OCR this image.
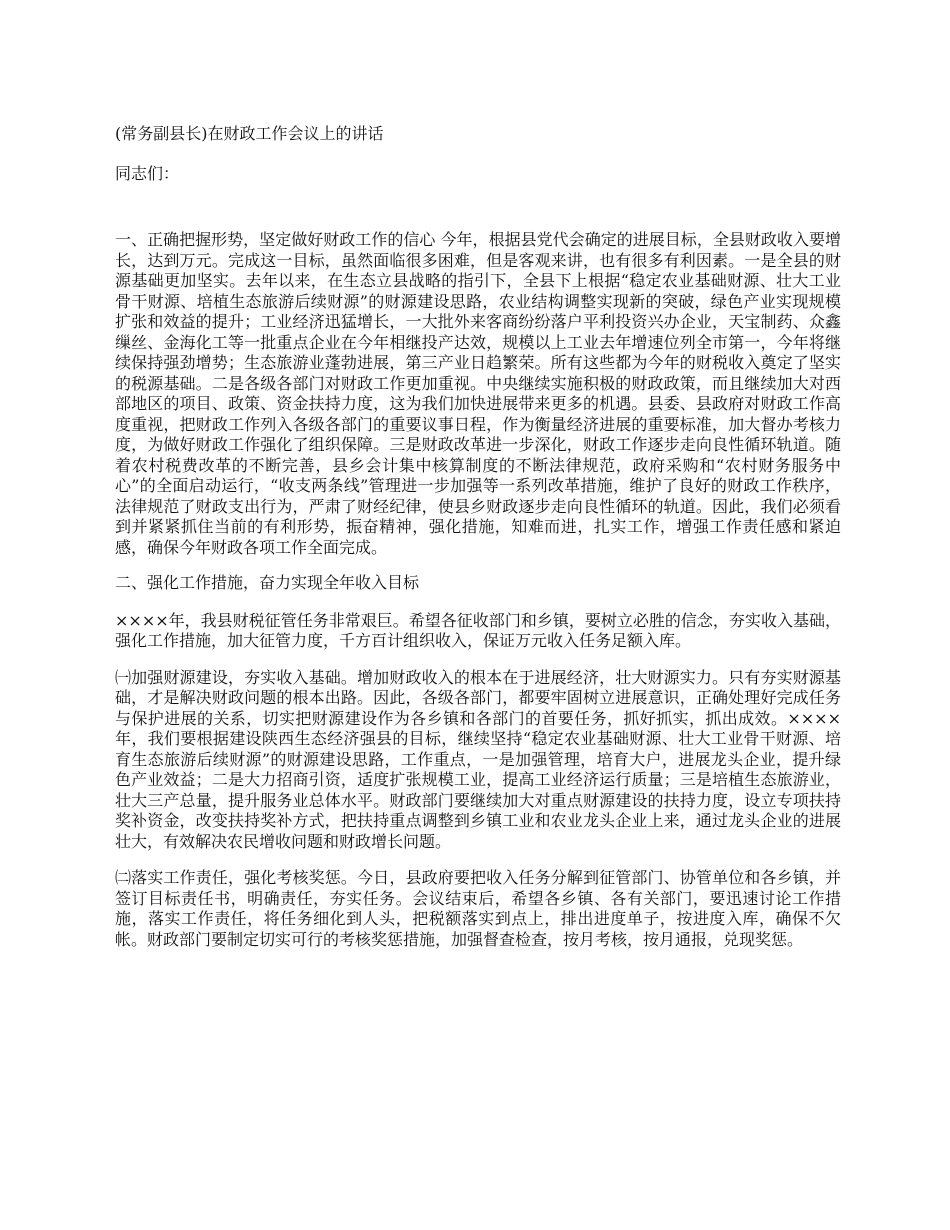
(常务副县长)在财政工作会议上的讲话
同志们：

一、正确把握形势，坚定做好财政工作的信心 今年，根据县党代会确定的进展目标，全县财政收入要增长，达到万元。完成这一目标，虽然面临很多困难，但是客观来讲，也有很多有利因素。一是全县的财源基础更加坚实。去年以来，在生态立县战略的指引下，全县下上根据“稳定农业基础财源、壮大工业骨干财源、培植生态旅游后续财源”的财源建设思路，农业结构调整实现新的突破，绿色产业实现规模扩张和效益的提升；工业经济迅猛增长，一大批外来客商纷纷落户平利投资兴办企业，天宝制药、众鑫缫丝、金海化工等一批重点企业在今年相继投产达效，规模以上工业去年增速位列全市第一，今年将继续保持强劲增势；生态旅游业蓬勃进展，第三产业日趋繁荣。所有这些都为今年的财税收入奠定了坚实的税源基础。二是各级各部门对财政工作更加重视。中央继续实施积极的财政政策，而且继续加大对西部地区的项目、政策、资金扶持力度，这为我们加快进展带来更多的机遇。县委、县政府对财政工作高度重视，把财政工作列入各级各部门的重要议事日程，作为衡量经济进展的重要标准，加大督办考核力度，为做好财政工作强化了组织保障。三是财政改革进一步深化，财政工作逐步走向良性循环轨道。随着农村税费改革的不断完善，县乡会计集中核算制度的不断法律规范，政府采购和“农村财务服务中心”的全面启动运行，“收支两条线”管理进一步加强等一系列改革措施，维护了良好的财政工作秩序，法律规范了财政支出行为，严肃了财经纪律，使县乡财政逐步走向良性循环的轨道。因此，我们必须看到并紧紧抓住当前的有利形势，振奋精神，强化措施，知难而进，扎实工作，增强工作责任感和紧迫感，确保今年财政各项工作全面完成。

二、强化工作措施，奋力实现全年收入目标

××××年，我县财税征管任务非常艰巨。希望各征收部门和乡镇，要树立必胜的信念，夯实收入基础，强化工作措施，加大征管力度，千方百计组织收入，保证万元收入任务足额入库。

㈠加强财源建设，夯实收入基础。增加财政收入的根本在于进展经济，壮大财源实力。只有夯实财源基础，才是解决财政问题的根本出路。因此，各级各部门，都要牢固树立进展意识，正确处理好完成任务与保护进展的关系，切实把财源建设作为各乡镇和各部门的首要任务，抓好抓实，抓出成效。××××年，我们要根据建设陕西生态经济强县的目标，继续坚持“稳定农业基础财源、壮大工业骨干财源、培育生态旅游后续财源”的财源建设思路，工作重点，一是加强管理，培育大户，进展龙头企业，提升绿色产业效益；二是大力招商引资，适度扩张规模工业，提高工业经济运行质量；三是培植生态旅游业，壮大三产总量，提升服务业总体水平。财政部门要继续加大对重点财源建设的扶持力度，设立专项扶持奖补资金，改变扶持奖补方式，把扶持重点调整到乡镇工业和农业龙头企业上来，通过龙头企业的进展壮大，有效解决农民增收问题和财政增长问题。

㈡落实工作责任，强化考核奖惩。今日，县政府要把收入任务分解到征管部门、协管单位和各乡镇，并签订目标责任书，明确责任，夯实任务。会议结束后，希望各乡镇、各有关部门，要迅速讨论工作措施，落实工作责任，将任务细化到人头，把税额落实到点上，排出进度单子，按进度入库，确保不欠帐。财政部门要制定切实可行的考核奖惩措施，加强督查检查，按月考核，按月通报，兑现奖惩。
